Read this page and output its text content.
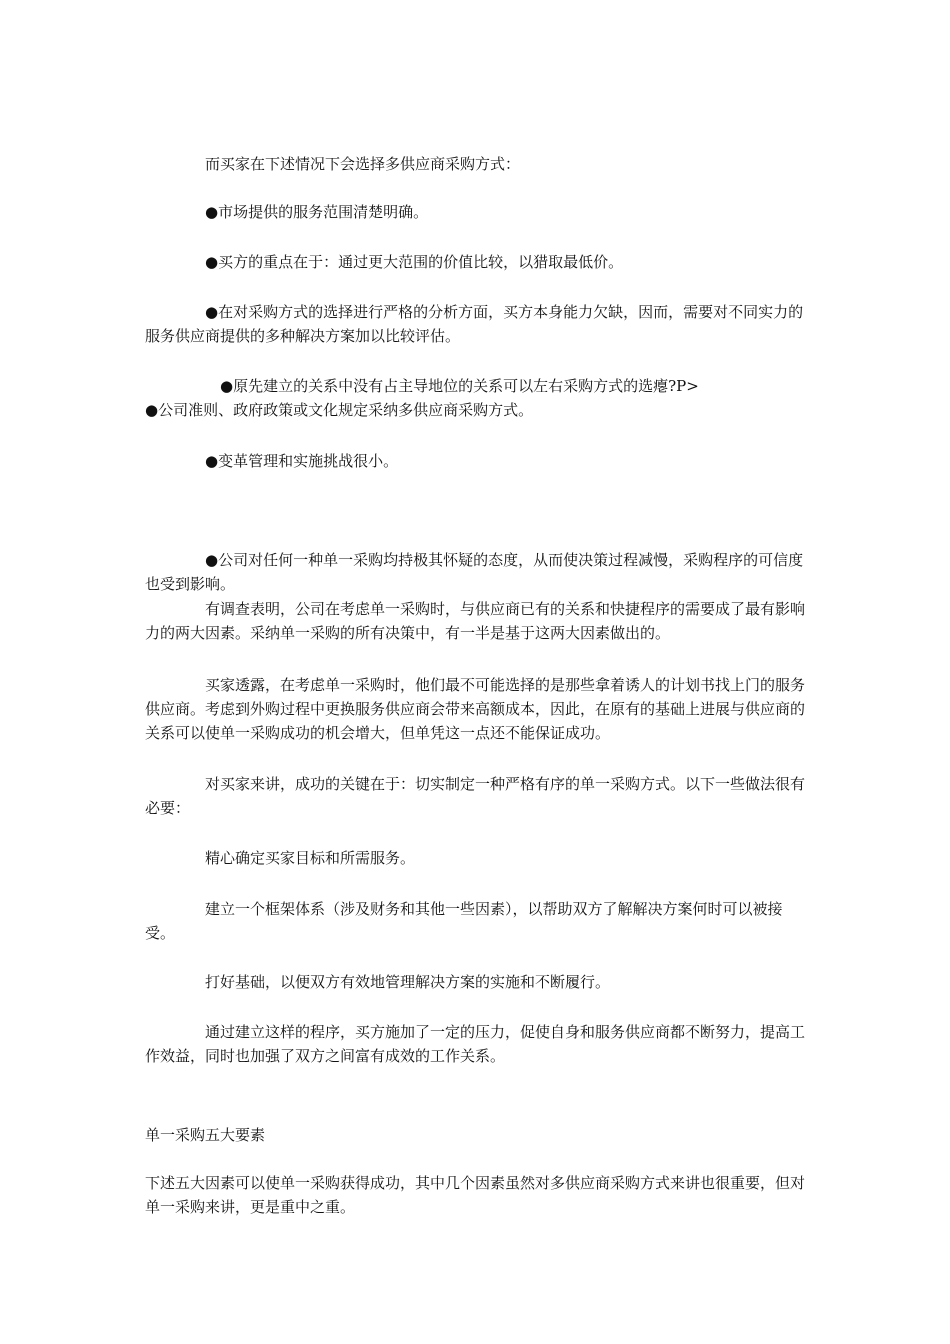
而买家在下述情况下会选择多供应商采购方式：

●市场提供的服务范围清楚明确。

●买方的重点在于：通过更大范围的价值比较，以猎取最低价。

●在对采购方式的选择进行严格的分析方面，买方本身能力欠缺，因而，需要对不同实力的服务供应商提供的多种解决方案加以比较评估。

●原先建立的关系中没有占主导地位的关系可以左右采购方式的选瘪?P>

●公司准则、政府政策或文化规定采纳多供应商采购方式。

●变革管理和实施挑战很小。

●公司对任何一种单一采购均持极其怀疑的态度，从而使决策过程减慢，采购程序的可信度也受到影响。

有调查表明，公司在考虑单一采购时，与供应商已有的关系和快捷程序的需要成了最有影响力的两大因素。采纳单一采购的所有决策中，有一半是基于这两大因素做出的。

买家透露，在考虑单一采购时，他们最不可能选择的是那些拿着诱人的计划书找上门的服务供应商。考虑到外购过程中更换服务供应商会带来高额成本，因此，在原有的基础上进展与供应商的关系可以使单一采购成功的机会增大，但单凭这一点还不能保证成功。

对买家来讲，成功的关键在于：切实制定一种严格有序的单一采购方式。以下一些做法很有必要：

精心确定买家目标和所需服务。

建立一个框架体系（涉及财务和其他一些因素），以帮助双方了解解决方案何时可以被接受。

打好基础，以便双方有效地管理解决方案的实施和不断履行。

通过建立这样的程序，买方施加了一定的压力，促使自身和服务供应商都不断努力，提高工作效益，同时也加强了双方之间富有成效的工作关系。

单一采购五大要素

下述五大因素可以使单一采购获得成功，其中几个因素虽然对多供应商采购方式来讲也很重要，但对单一采购来讲，更是重中之重。
